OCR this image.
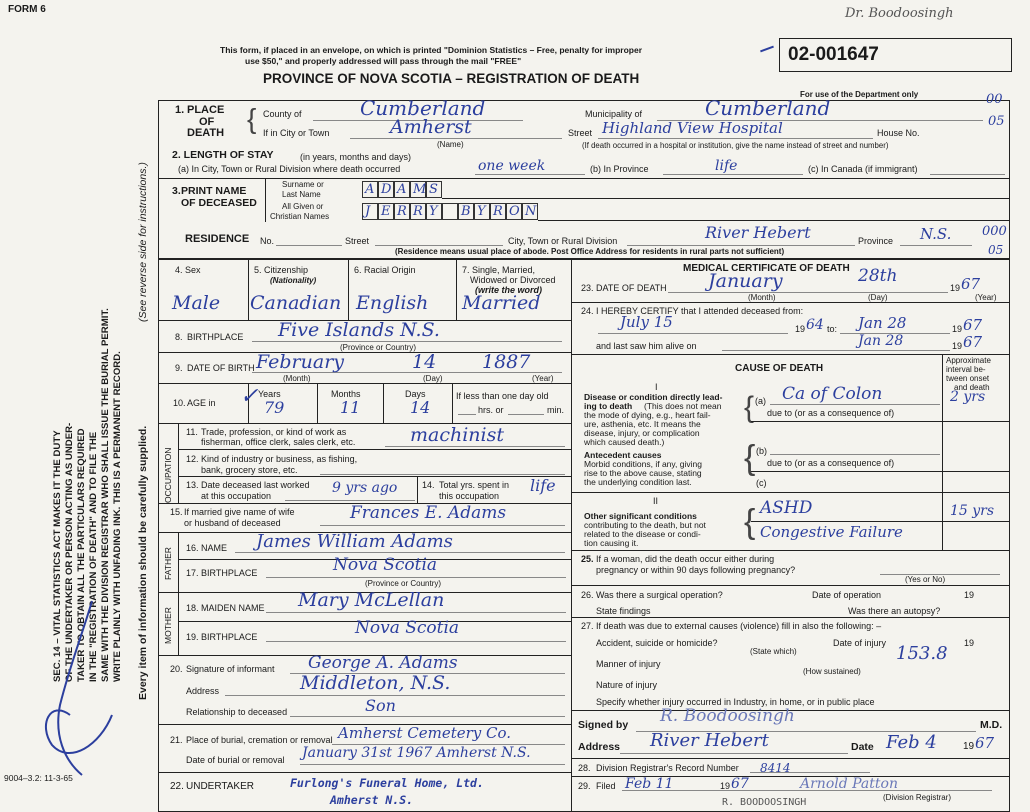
FORM 6
This form, if placed in an envelope, on which is printed "Dominion Statistics – Free, penalty for improper
use $50," and properly addressed will pass through the mail "FREE"
PROVINCE OF NOVA SCOTIA – REGISTRATION OF DEATH
Dr. Boodoosingh
02-001647
For use of the Department only	00
05
1. PLACE
OF
DEATH { County of	Cumberland	Municipality of	Cumberland
If in City or Town	Amherst
(Name)
Street Highland View Hospital	House No.
(If death occurred in a hospital or institution, give the name instead of street and number)
2. LENGTH OF STAY	(in years, months and days)
(a) In City, Town or Rural Division where death occurred	one week	(b) In Province	life	(c) In Canada (if immigrant)
3. PRINT NAME
OF DECEASED
Surname or
Last Name
All Given or
Christian Names
A D A M S
J E R R Y B Y R O N
RESIDENCE No.	Street	City, Town or Rural Division	River Hebert	Province N.S. 000
05
(Residence means usual place of abode. Post Office Address for residents in rural parts not sufficient)
4. Sex	5. Citizenship
(Nationality)
6. Racial Origin	7. Single, Married,
Widowed or Divorced
(write the word)
Male Canadian English Married
8. BIRTHPLACE Five Islands N.S.
(Province or Country)
9. DATE OF BIRTH February	14 1887
(Month)	(Day)	(Year)
10. AGE in
Years	Months	Days
✓ 79	11	14
If less than one day old
hrs. or	min.
OCCUPATION
11. Trade, profession, or kind of work as
fisherman, office clerk, sales clerk, etc.	machinist
12. Kind of industry or business, as fishing,
bank, grocery store, etc.
13. Date deceased last worked
at this occupation	9 yrs ago	14. Total yrs. spent in
this occupation
life
15. If married give name of wife
or husband of deceased	Frances E. Adams
FATHER 16. NAME James William Adams
17. BIRTHPLACE	Nova Scotia
(Province or Country)
MOTHER 18. MAIDEN NAME Mary McLellan
19. BIRTHPLACE	Nova Scotia
20. Signature of informant George A. Adams
Address	Middleton, N.S.
Relationship to deceased	Son
21. Place of burial, cremation or removal Amherst Cemetery Co.
Date of burial or removal January 31st 1967 Amherst N.S.
22. UNDERTAKER	Furlong's Funeral Home, Ltd.
Amherst N.S.
MEDICAL CERTIFICATE OF DEATH
23. DATE OF DEATH January	28th
19 67
(Month)	(Day)	(Year)
24. I HEREBY CERTIFY that I attended deceased from:
July 15	19 64 to: Jan 28	19 67
and last saw him alive on	Jan 28	19 67
CAUSE OF DEATH
Approximate
interval be-
tween onset
and death
I
Disease or condition directly lead-
ing to death (This does not mean
the mode of dying, e.g., heart fail-
ure, asthenia, etc. It means the
disease, injury, or complication
which caused death.)
{ (a) Ca of Colon	2 yrs
due to (or as a consequence of)
Antecedent causes
Morbid conditions, if any, giving
rise to the above cause, stating
the underlying condition last.
{ (b)
due to (or as a consequence of)
(c)
II
Other significant conditions
contributing to the death, but not
related to the disease or condi-
tion causing it.
{ ASHD	15 yrs
Congestive Failure
25. If a woman, did the death occur either during
pregnancy or within 90 days following pregnancy?
(Yes or No)
26. Was there a surgical operation?	Date of operation	19
State findings	Was there an autopsy?
27. If death was due to external causes (violence) fill in also the following: –
Accident, suicide or homicide?	Date of injury	19
(State which)	153.8
Manner of injury
(How sustained)
Nature of injury
Specify whether injury occurred in Industry, in home, or in public place
Signed by R. Boodoosingh	M.D.
Address River Hebert	Date Feb 4	19 67
28. Division Registrar's Record Number 8414
29. Filed Feb 11	19 67	Arnold Patton
(Division Registrar)
R. BOODOOSINGH
SEC. 14 – VITAL STATISTICS ACT MAKES IT THE DUTY OF THE UNDERTAKER OR PERSON ACTING AS UNDER- TAKER TO OBTAIN ALL THE PARTICULARS REQUIRED IN THE "REGISTRATION OF DEATH" AND TO FILE THE SAME WITH THE DIVISION REGISTRAR WHO SHALL ISSUE THE BURIAL PERMIT. WRITE PLAINLY WITH UNFADING INK. THIS IS A PERMANENT RECORD. Every item of information should be carefully supplied.
(See reverse side for instructions.)
9004–3.2: 11-3-65
